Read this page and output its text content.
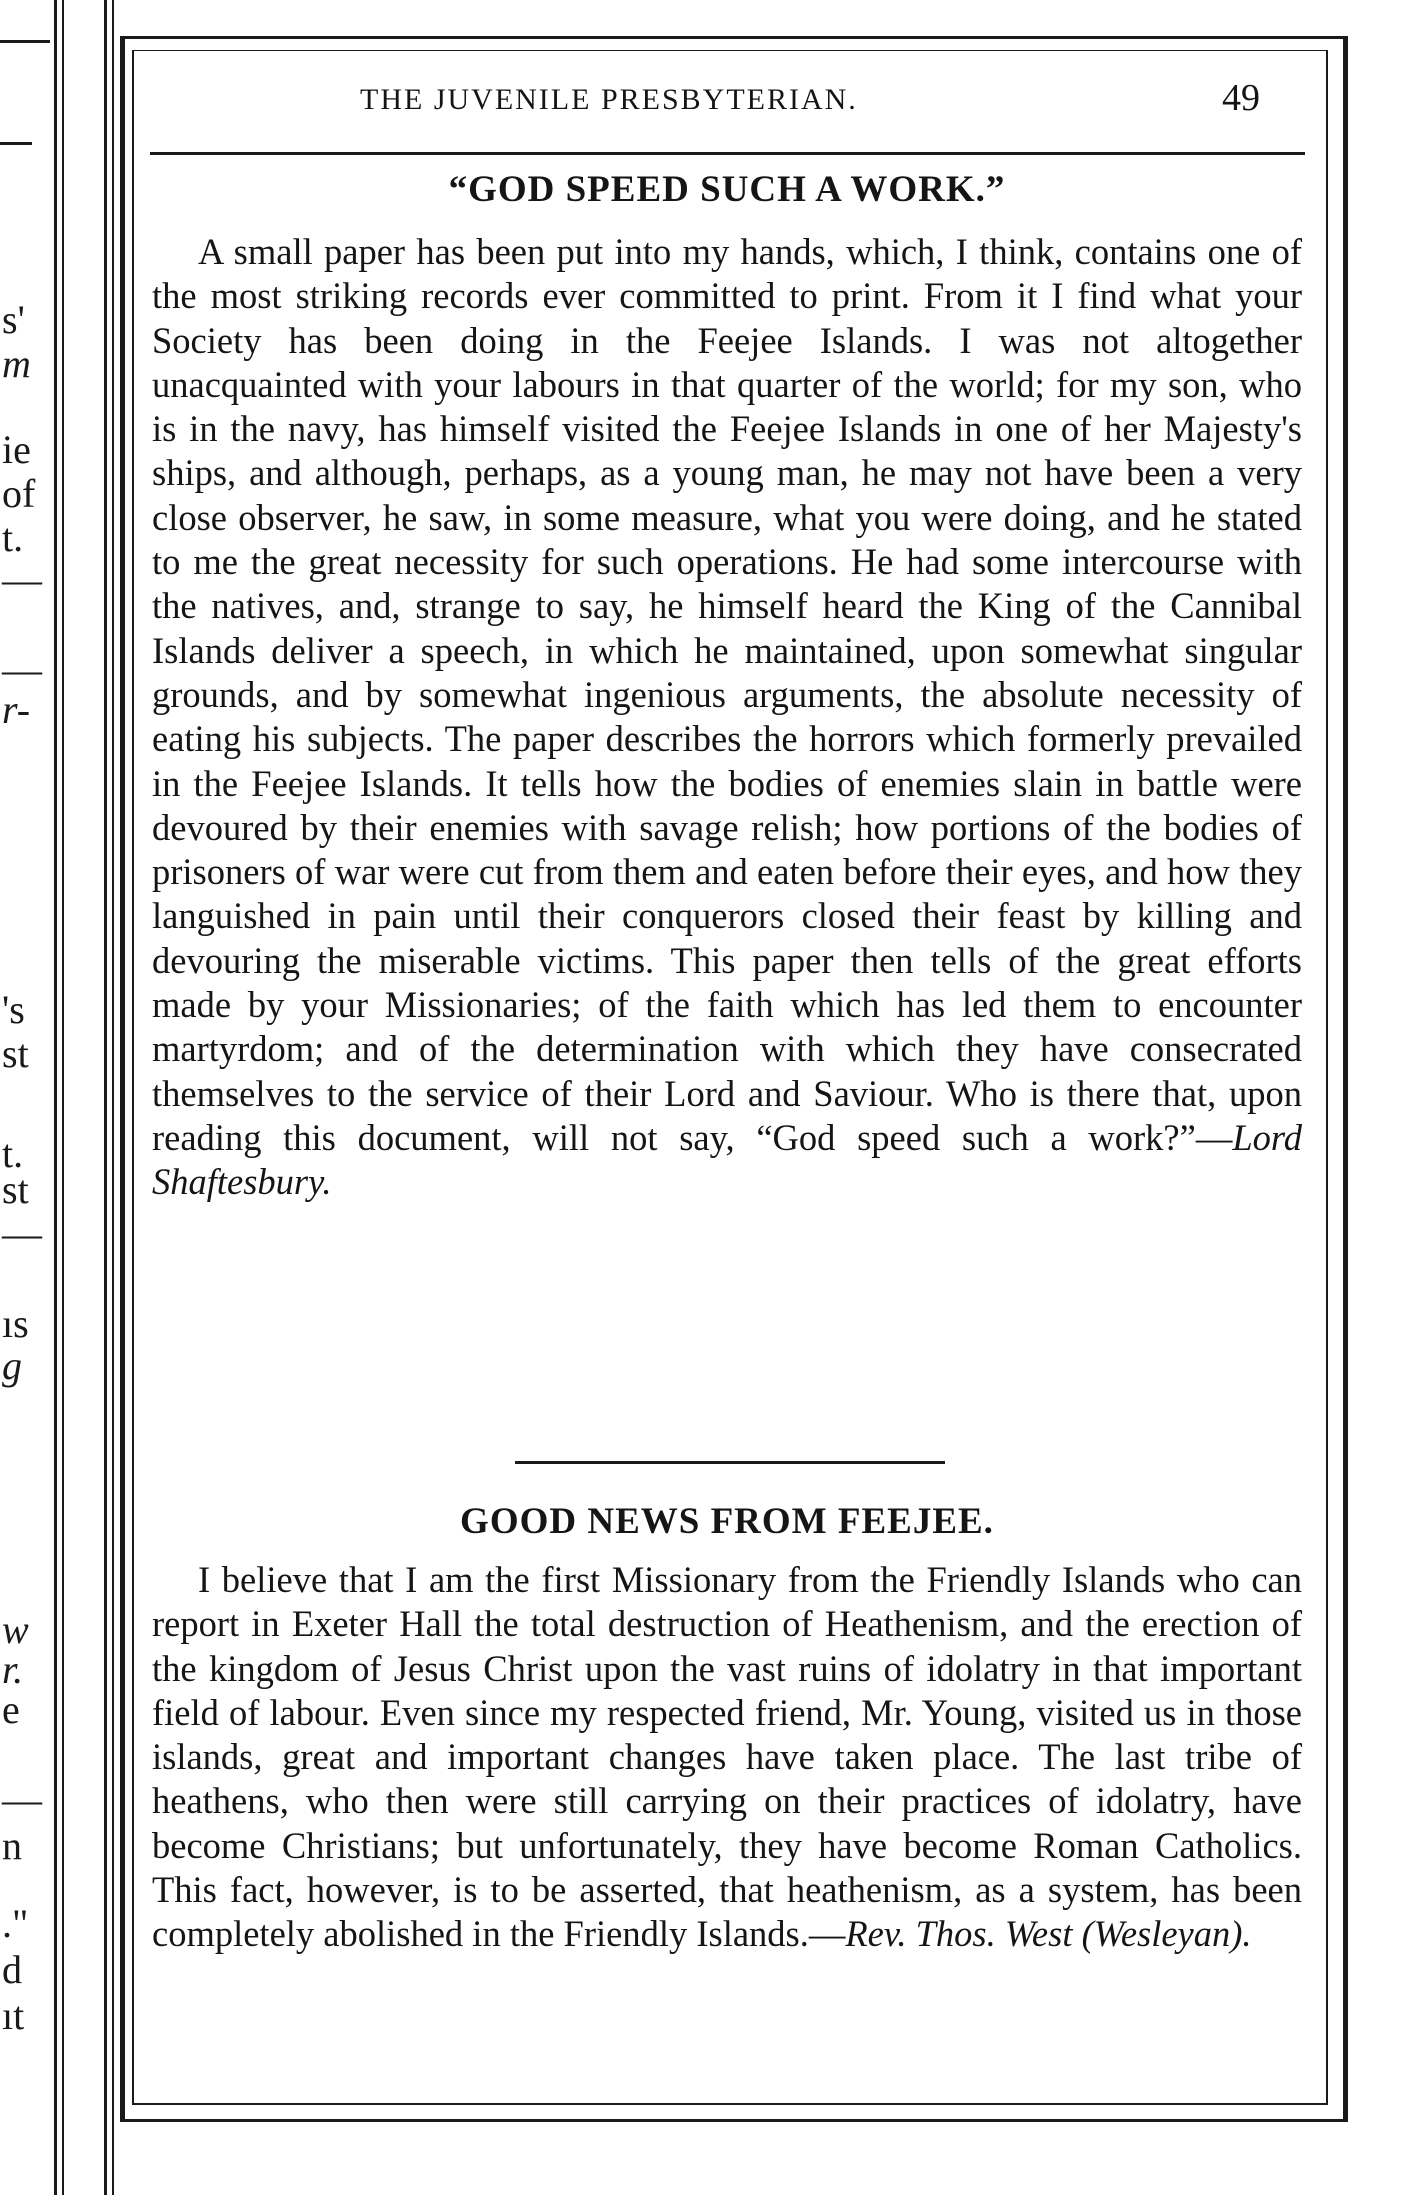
s'
m
ie
of
t.
—
—
r-
's
st
t.
st
—
ıs
g
w
r.
e
—
n
."
d
ıt
THE JUVENILE PRESBYTERIAN.	49
“GOD SPEED SUCH A WORK.”

A small paper has been put into my hands, which, I think, contains one of the most striking records ever committed to print. From it I find what your Society has been doing in the Feejee Islands. I was not altogether unacquainted with your labours in that quarter of the world; for my son, who is in the navy, has himself visited the Feejee Islands in one of her Majesty's ships, and although, perhaps, as a young man, he may not have been a very close observer, he saw, in some measure, what you were doing, and he stated to me the great necessity for such operations. He had some intercourse with the natives, and, strange to say, he himself heard the King of the Cannibal Islands deliver a speech, in which he maintained, upon somewhat singular grounds, and by somewhat ingenious arguments, the absolute necessity of eating his subjects. The paper describes the horrors which formerly prevailed in the Feejee Islands. It tells how the bodies of enemies slain in battle were devoured by their enemies with savage relish; how portions of the bodies of prisoners of war were cut from them and eaten before their eyes, and how they languished in pain until their conquerors closed their feast by killing and devouring the miserable victims. This paper then tells of the great efforts made by your Missionaries; of the faith which has led them to encounter martyrdom; and of the determination with which they have consecrated themselves to the service of their Lord and Saviour. Who is there that, upon reading this document, will not say, “God speed such a work?”—Lord Shaftesbury.

GOOD NEWS FROM FEEJEE.

I believe that I am the first Missionary from the Friendly Islands who can report in Exeter Hall the total destruction of Heathenism, and the erection of the kingdom of Jesus Christ upon the vast ruins of idolatry in that important field of labour. Even since my respected friend, Mr. Young, visited us in those islands, great and important changes have taken place. The last tribe of heathens, who then were still carrying on their practices of idolatry, have become Christians; but unfortunately, they have become Roman Catholics. This fact, however, is to be asserted, that heathenism, as a system, has been completely abolished in the Friendly Islands.—Rev. Thos. West (Wesleyan).
